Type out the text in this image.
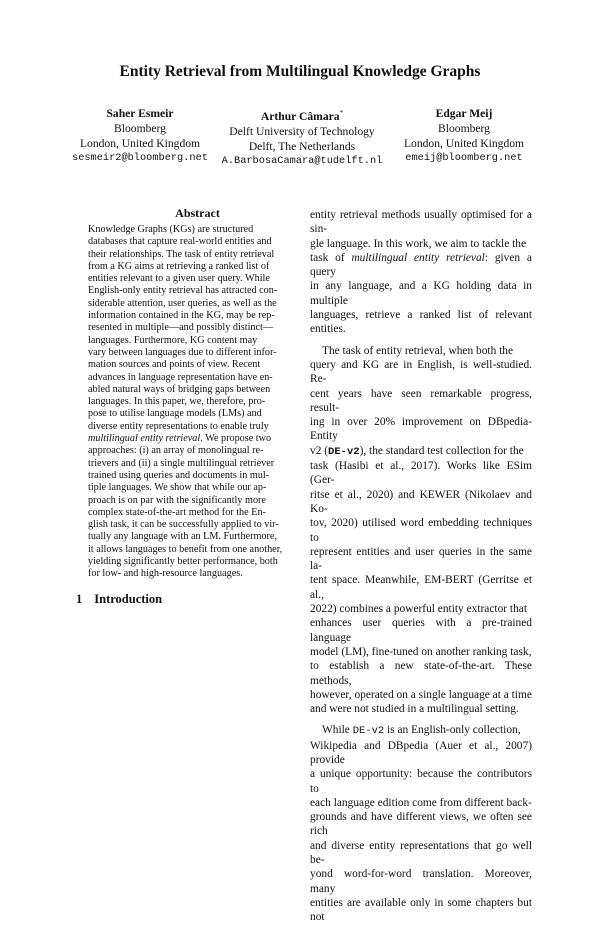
Entity Retrieval from Multilingual Knowledge Graphs
Saher Esmeir
Bloomberg
London, United Kingdom
sesmeir2@bloomberg.net
Arthur Câmara*
Delft University of Technology
Delft, The Netherlands
A.BarbosaCamara@tudelft.nl
Edgar Meij
Bloomberg
London, United Kingdom
emeij@bloomberg.net
Abstract
Knowledge Graphs (KGs) are structured
databases that capture real-world entities and
their relationships. The task of entity retrieval
from a KG aims at retrieving a ranked list of
entities relevant to a given user query. While
English-only entity retrieval has attracted con-
siderable attention, user queries, as well as the
information contained in the KG, may be rep-
resented in multiple—and possibly distinct—
languages. Furthermore, KG content may
vary between languages due to different infor-
mation sources and points of view. Recent
advances in language representation have en-
abled natural ways of bridging gaps between
languages. In this paper, we, therefore, pro-
pose to utilise language models (LMs) and
diverse entity representations to enable truly
multilingual entity retrieval. We propose two
approaches: (i) an array of monolingual re-
trievers and (ii) a single multilingual retriever
trained using queries and documents in mul-
tiple languages. We show that while our ap-
proach is on par with the significantly more
complex state-of-the-art method for the En-
glish task, it can be successfully applied to vir-
tually any language with an LM. Furthermore,
it allows languages to benefit from one another,
yielding significantly better performance, both
for low- and high-resource languages.
1 Introduction

entity retrieval methods usually optimised for a sin-
gle language. In this work, we aim to tackle the
task of multilingual entity retrieval: given a query
in any language, and a KG holding data in multiple
languages, retrieve a ranked list of relevant entities.

The task of entity retrieval, when both the
query and KG are in English, is well-studied. Re-
cent years have seen remarkable progress, result-
ing in over 20% improvement on DBpedia-Entity
v2 (DE-v2), the standard test collection for the
task (Hasibi et al., 2017). Works like ESim (Ger-
ritse et al., 2020) and KEWER (Nikolaev and Ko-
tov, 2020) utilised word embedding techniques to
represent entities and user queries in the same la-
tent space. Meanwhile, EM-BERT (Gerritse et al.,
2022) combines a powerful entity extractor that
enhances user queries with a pre-trained language
model (LM), fine-tuned on another ranking task,
to establish a new state-of-the-art. These methods,
however, operated on a single language at a time
and were not studied in a multilingual setting.

While DE-v2 is an English-only collection,
Wikipedia and DBpedia (Auer et al., 2007) provide
a unique opportunity: because the contributors to
each language edition come from different back-
grounds and have different views, we often see rich
and diverse entity representations that go well be-
yond word-for-word translation. Moreover, many
entities are available only in some chapters but not
